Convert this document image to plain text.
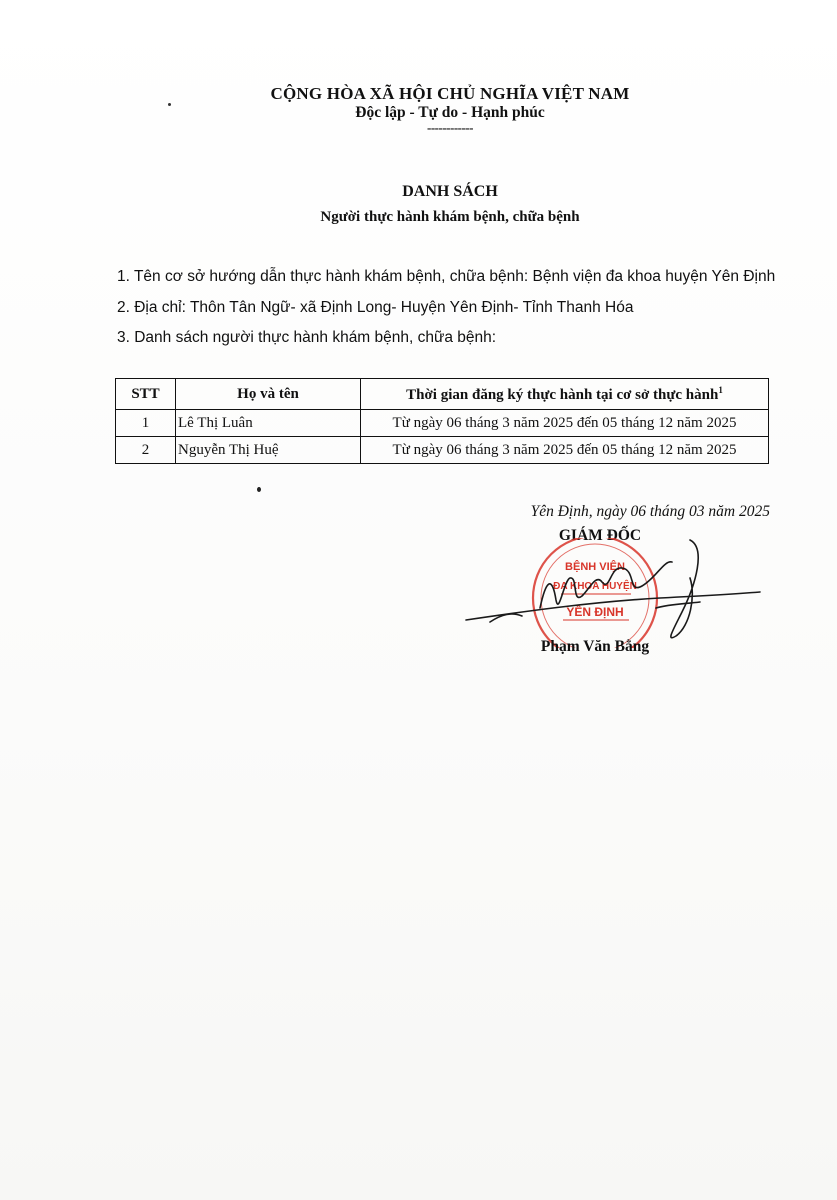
CỘNG HÒA XÃ HỘI CHỦ NGHĨA VIỆT NAM
Độc lập - Tự do - Hạnh phúc
------------
DANH SÁCH
Người thực hành khám bệnh, chữa bệnh
1. Tên cơ sở hướng dẫn thực hành khám bệnh, chữa bệnh: Bệnh viện đa khoa huyện Yên Định
2. Địa chỉ: Thôn Tân Ngữ- xã Định Long- Huyện Yên Định- Tỉnh Thanh Hóa
3. Danh sách người thực hành khám bệnh, chữa bệnh:
STT	Họ và tên	Thời gian đăng ký thực hành tại cơ sở thực hành$^1$
1	Lê Thị Luân	Từ ngày 06 tháng 3 năm 2025 đến 05 tháng 12 năm 2025
2	Nguyễn Thị Huệ	Từ ngày 06 tháng 3 năm 2025 đến 05 tháng 12 năm 2025
Yên Định, ngày 06 tháng 03 năm 2025
GIÁM ĐỐC
BỆNH VIỆN
ĐA KHOA HUYỆN
YÊN ĐỊNH
Phạm Văn Bằng
